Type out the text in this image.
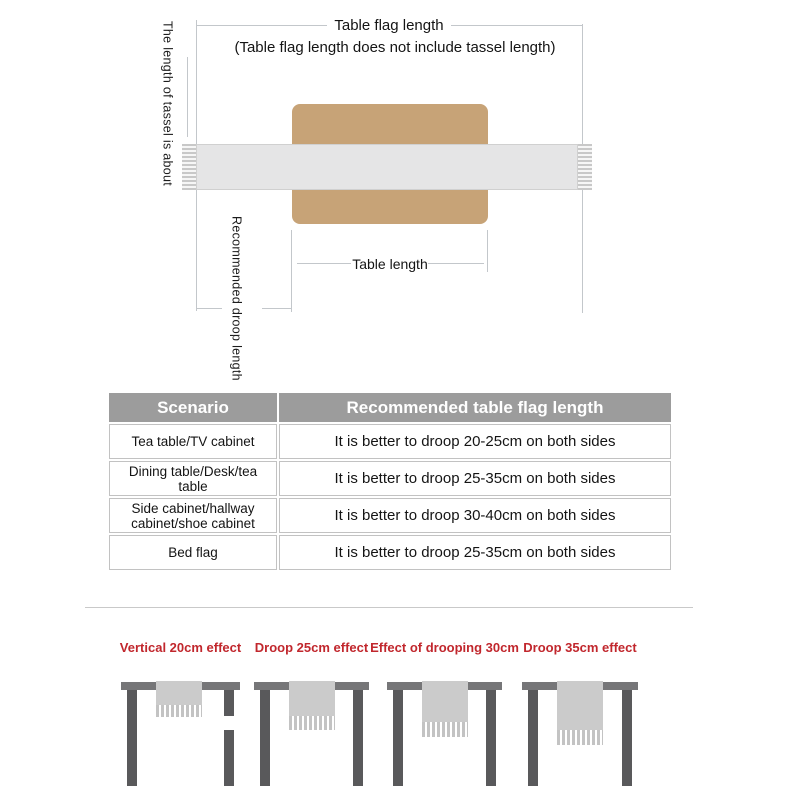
Table flag length
(Table flag length does not include tassel length)
The length of tassel is about
Table length
Recommended droop length
Scenario	Recommended table flag length
Tea table/TV cabinet	It is better to droop 20-25cm on both sides
Dining table/Desk/tea table	It is better to droop 25-35cm on both sides
Side cabinet/hallway cabinet/shoe cabinet	It is better to droop 30-40cm on both sides
Bed flag	It is better to droop 25-35cm on both sides
Vertical 20cm effect Droop 25cm effect Effect of drooping 30cm Droop 35cm effect
